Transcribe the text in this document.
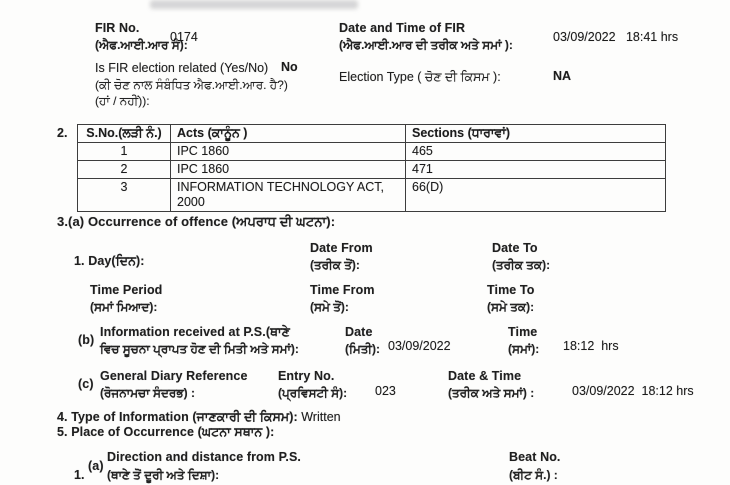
FIR No.
(ਐਫ.ਆਈ.ਆਰ ਸੰ):
0174
Date and Time of FIR
(ਐਫ.ਆਈ.ਆਰ ਦੀ ਤਰੀਕ ਅਤੇ ਸਮਾਂ ):
03/09/2022   18:41 hrs
Is FIR election related (Yes/No) No
(ਕੀ ਚੋਣ ਨਾਲ ਸੰਬੰਧਿਤ ਐਫ.ਆਈ.ਆਰ. ਹੈ?)
(ਹਾਂ / ਨਹੀਂ)):
Election Type ( ਚੋਣ ਦੀ ਕਿਸਮ ):	NA
2. S.No.(ਲੜੀ ਨੰ.)	Acts (ਕਾਨੂੰਨ )	Sections (ਧਾਰਾਵਾਂ)
1	IPC 1860	465
2	IPC 1860	471
3	INFORMATION TECHNOLOGY ACT, 2000	66(D)
3.(a) Occurrence of offence (ਅਪਰਾਧ ਦੀ ਘਟਨਾ):
Date From
(ਤਰੀਕ ਤੋਂ):
Date To
(ਤਰੀਕ ਤਕ):
1. Day(ਦਿਨ):
Time Period
(ਸਮਾਂ ਮਿਆਦ):
Time From
(ਸਮੇ ਤੋਂ):
Time To
(ਸਮੇ ਤਕ):
(b)
Information received at P.S.(ਥਾਣੇ
ਵਿਚ ਸੂਚਨਾ ਪ੍ਰਾਪਤ ਹੋਣ ਦੀ ਮਿਤੀ ਅਤੇ ਸਮਾਂ):
Date
(ਮਿਤੀ): 03/09/2022
Time
(ਸਮਾਂ): 18:12  hrs
(c)
General Diary Reference
(ਰੋਜਨਾਮਚਾ ਸੰਦਰਭ) :
Entry No.
(ਪ੍ਰਵਿਸਟੀ ਸੰ): 023
Date & Time
(ਤਰੀਕ ਅਤੇ ਸਮਾਂ) :	03/09/2022  18:12 hrs
4. Type of Information (ਜਾਣਕਾਰੀ ਦੀ ਕਿਸਮ): Written
5. Place of Occurrence (ਘਟਨਾ ਸਥਾਨ ):
1.
(a)
Direction and distance from P.S.
(ਥਾਣੇ ਤੋਂ ਦੂਰੀ ਅਤੇ ਦਿਸ਼ਾ):
Beat No.
(ਬੀਟ ਸੰ.) :
